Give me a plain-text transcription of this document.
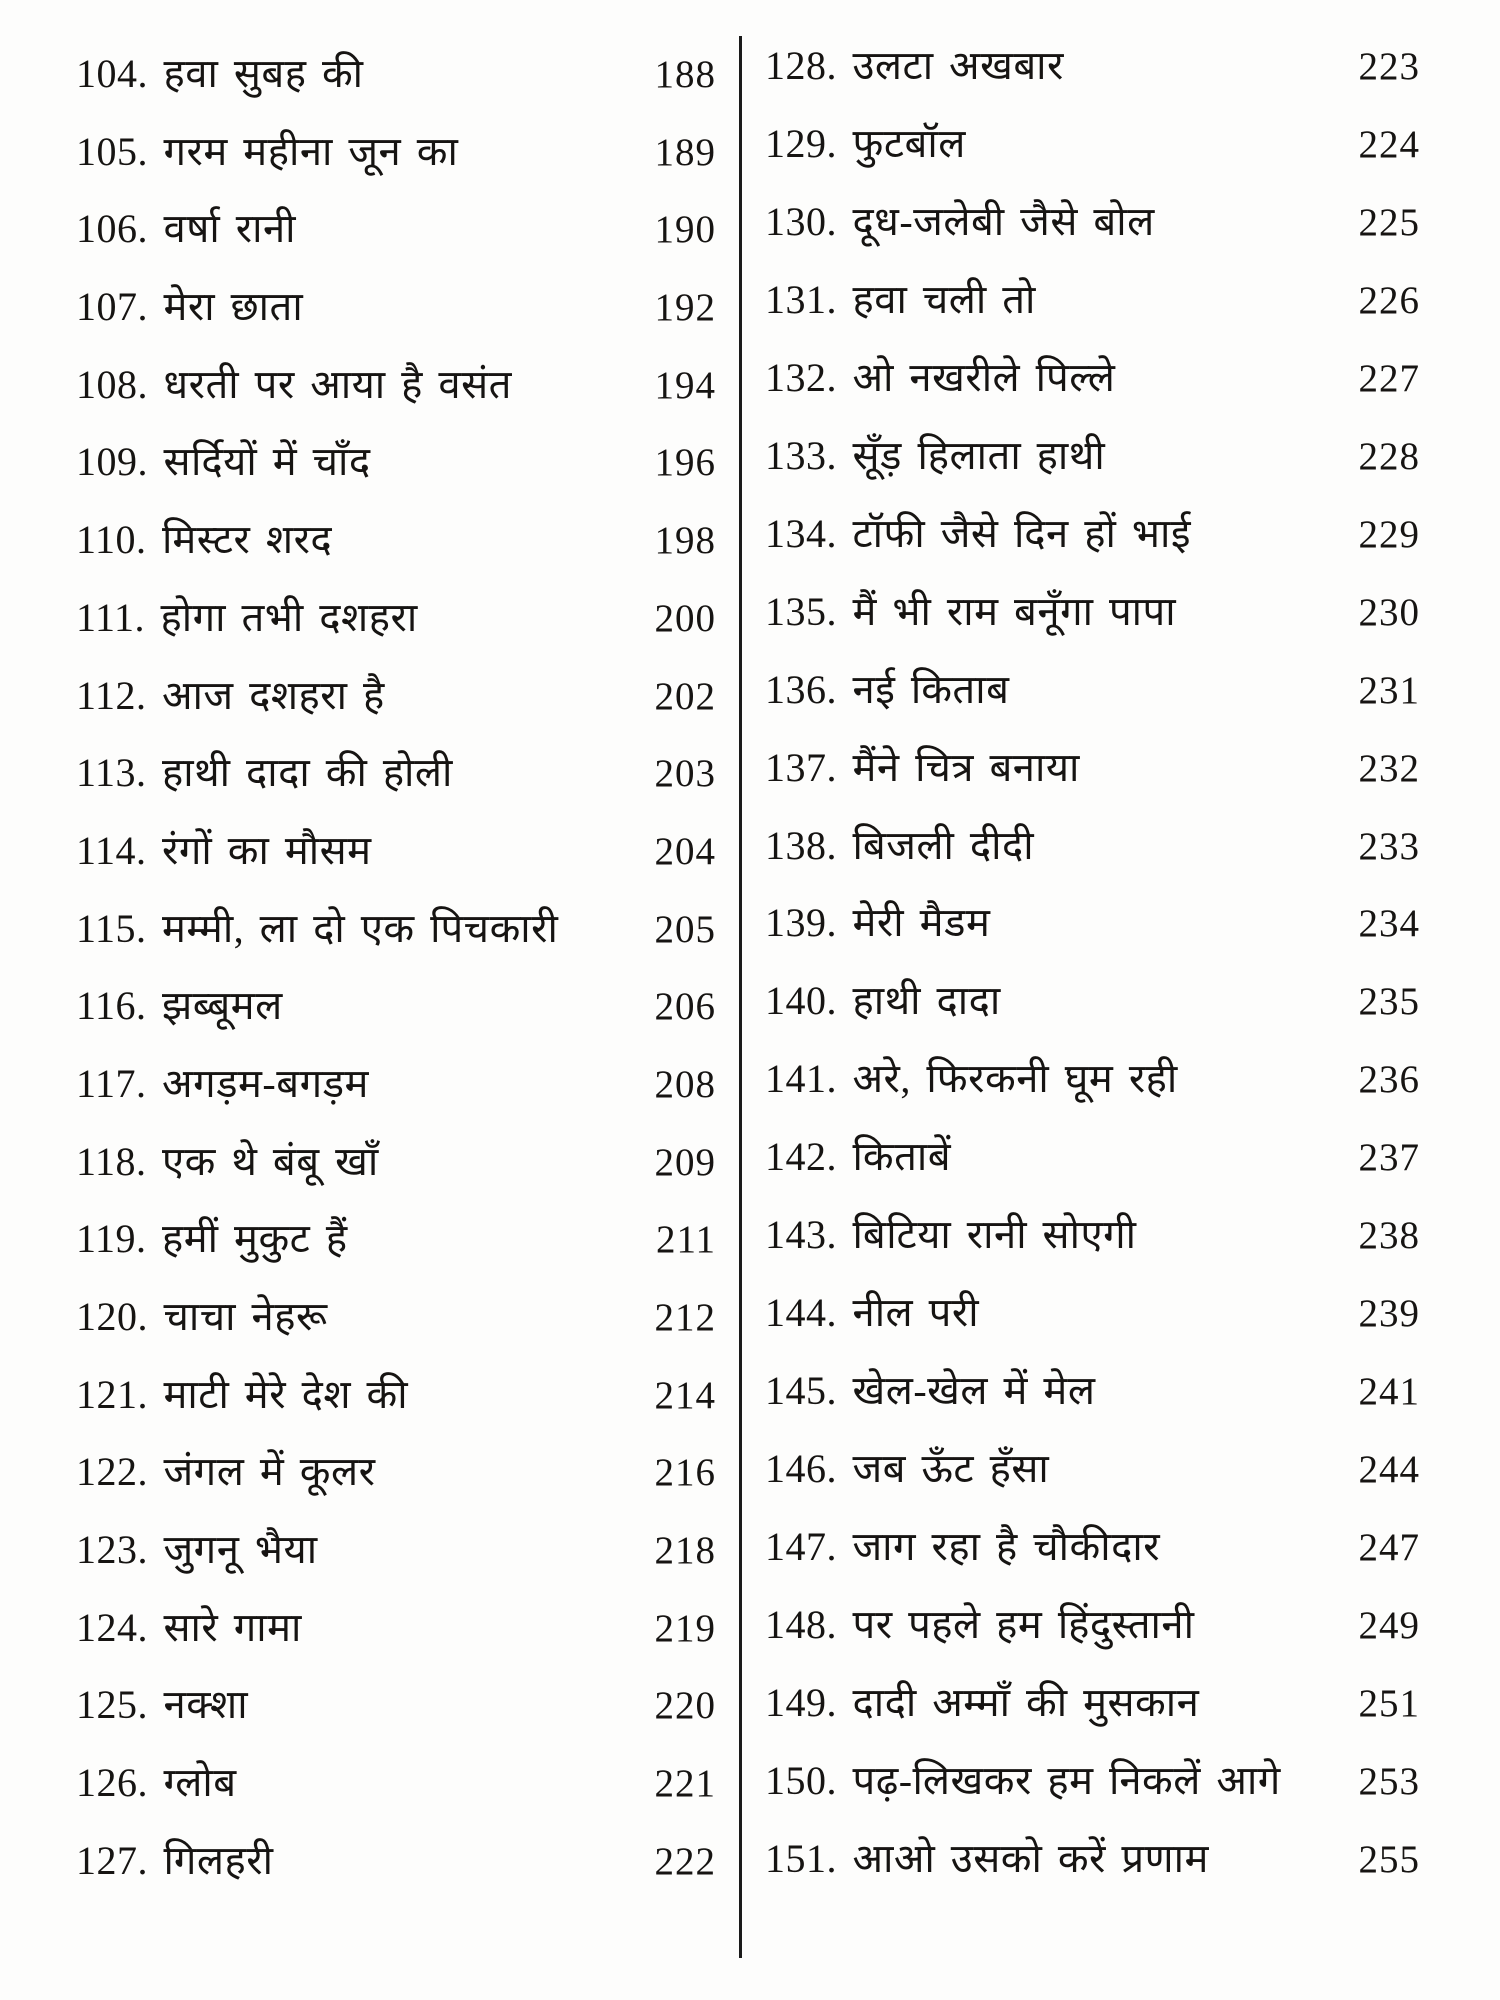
104. हवा सुबह की	188
105. गरम महीना जून का	189
106. वर्षा रानी	190
107. मेरा छाता	192
108. धरती पर आया है वसंत	194
109. सर्दियों में चाँद	196
110. मिस्टर शरद	198
111. होगा तभी दशहरा	200
112. आज दशहरा है	202
113. हाथी दादा की होली	203
114. रंगों का मौसम	204
115. मम्मी, ला दो एक पिचकारी 205
116. झब्बूमल	206
117. अगड़म-बगड़म	208
118. एक थे बंबू खाँ	209
119. हमीं मुकुट हैं	211
120. चाचा नेहरू	212
121. माटी मेरे देश की	214
122. जंगल में कूलर	216
123. जुगनू भैया	218
124. सारे गामा	219
125. नक्शा	220
126. ग्लोब	221
127. गिलहरी	222
128. उलटा अखबार	223
129. फुटबॉल	224
130. दूध-जलेबी जैसे बोल	225
131. हवा चली तो	226
132. ओ नखरीले पिल्ले	227
133. सूँड़ हिलाता हाथी	228
134. टॉफी जैसे दिन हों भाई	229
135. मैं भी राम बनूँगा पापा	230
136. नई किताब	231
137. मैंने चित्र बनाया	232
138. बिजली दीदी	233
139. मेरी मैडम	234
140. हाथी दादा	235
141. अरे, फिरकनी घूम रही	236
142. किताबें	237
143. बिटिया रानी सोएगी	238
144. नील परी	239
145. खेल-खेल में मेल	241
146. जब ऊँट हँसा	244
147. जाग रहा है चौकीदार	247
148. पर पहले हम हिंदुस्तानी	249
149. दादी अम्माँ की मुसकान	251
150. पढ़-लिखकर हम निकलें आगे 253
151. आओ उसको करें प्रणाम	255
